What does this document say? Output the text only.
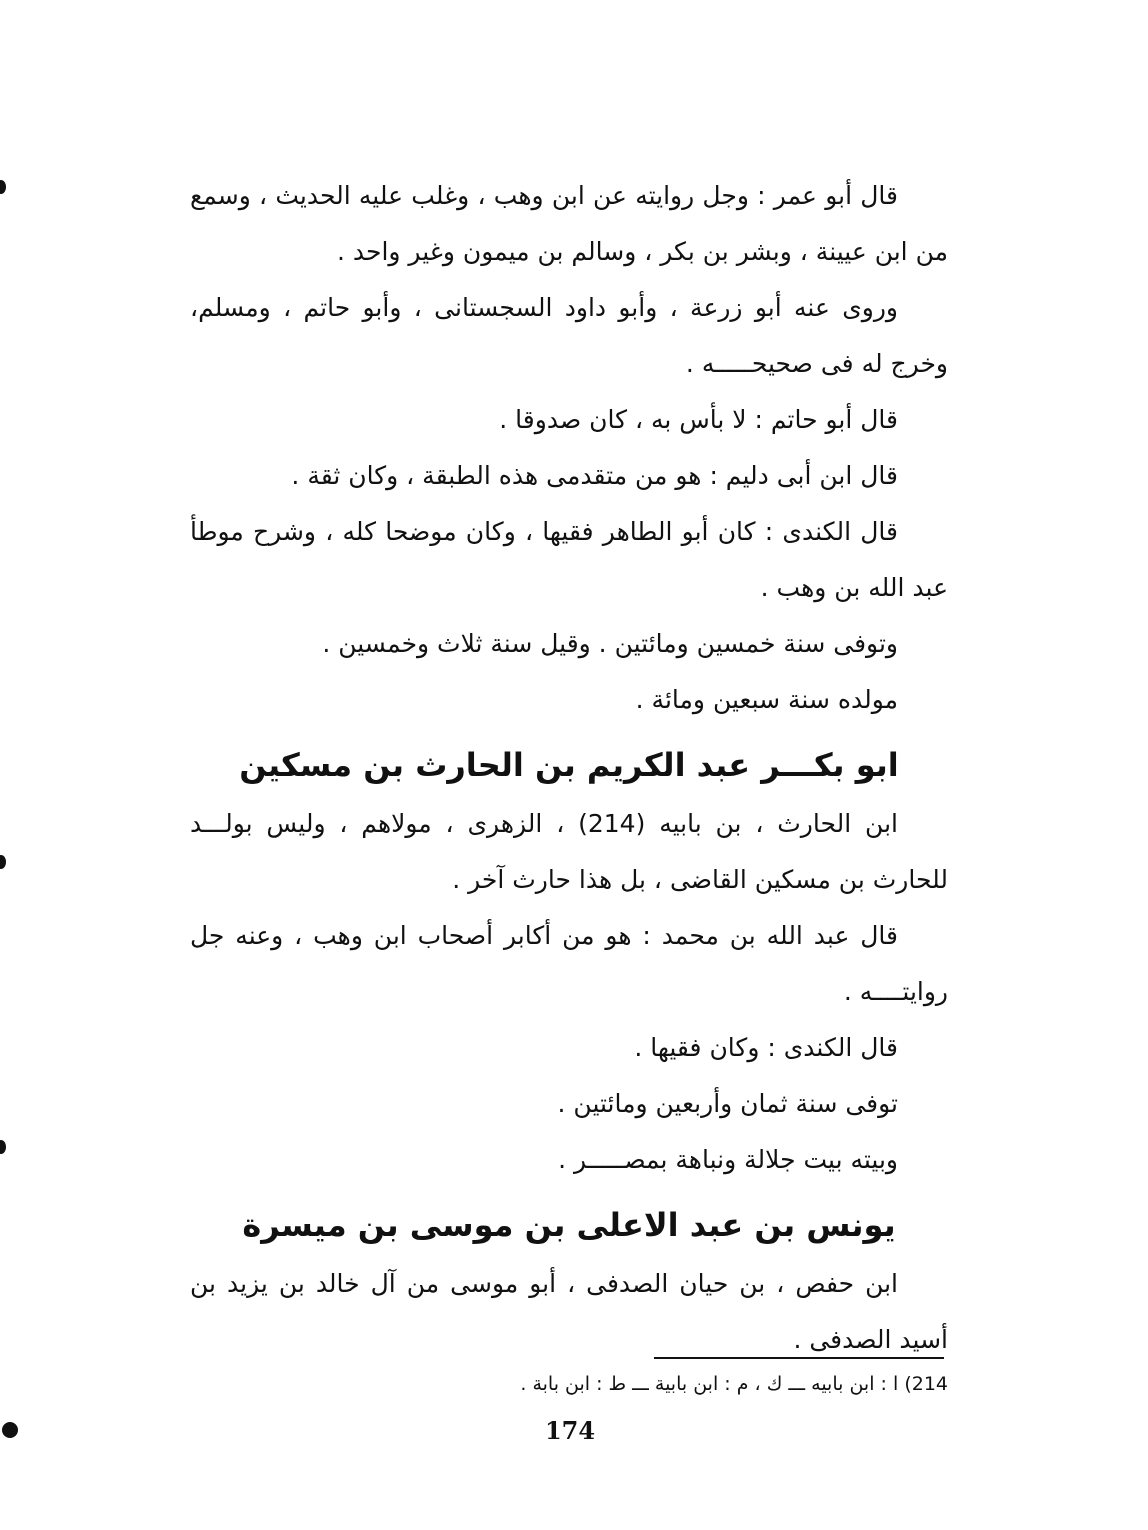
قال أبو عمر : وجل روايته عن ابن وهب ، وغلب عليه الحديث ، وسمع من ابن عيينة ، وبشر بن بكر ، وسالم بن ميمون وغير واحد .

وروى عنه أبو زرعة ، وأبو داود السجستانى ، وأبو حاتم ، ومسلم، وخرج له فى صحيحـــــه .

قال أبو حاتم : لا بأس به ، كان صدوقا .

قال ابن أبى دليم : هو من متقدمى هذه الطبقة ، وكان ثقة .

قال الكندى : كان أبو الطاهر فقيها ، وكان موضحا كله ، وشرح موطأ عبد الله بن وهب .

وتوفى سنة خمسين ومائتين . وقيل سنة ثلاث وخمسين .

مولده سنة سبعين ومائة .

ابو بكـــر عبد الكريم بن الحارث بن مسكين

ابن الحارث ، بن بابيه (214) ، الزهرى ، مولاهم ، وليس بولـــد للحارث بن مسكين القاضى ، بل هذا حارث آخر .

قال عبد الله بن محمد : هو من أكابر أصحاب ابن وهب ، وعنه جل روايتــــه .

قال الكندى : وكان فقيها .

توفى سنة ثمان وأربعين ومائتين .

وبيته بيت جلالة ونباهة بمصـــــر .

يونس بن عبد الاعلى بن موسى بن ميسرة

ابن حفص ، بن حيان الصدفى ، أبو موسى من آل خالد بن يزيد بن أسيد الصدفى .

214) ا : ابن بابيه ـــ ك ، م : ابن بابية ـــ ط : ابن بابة .
174
